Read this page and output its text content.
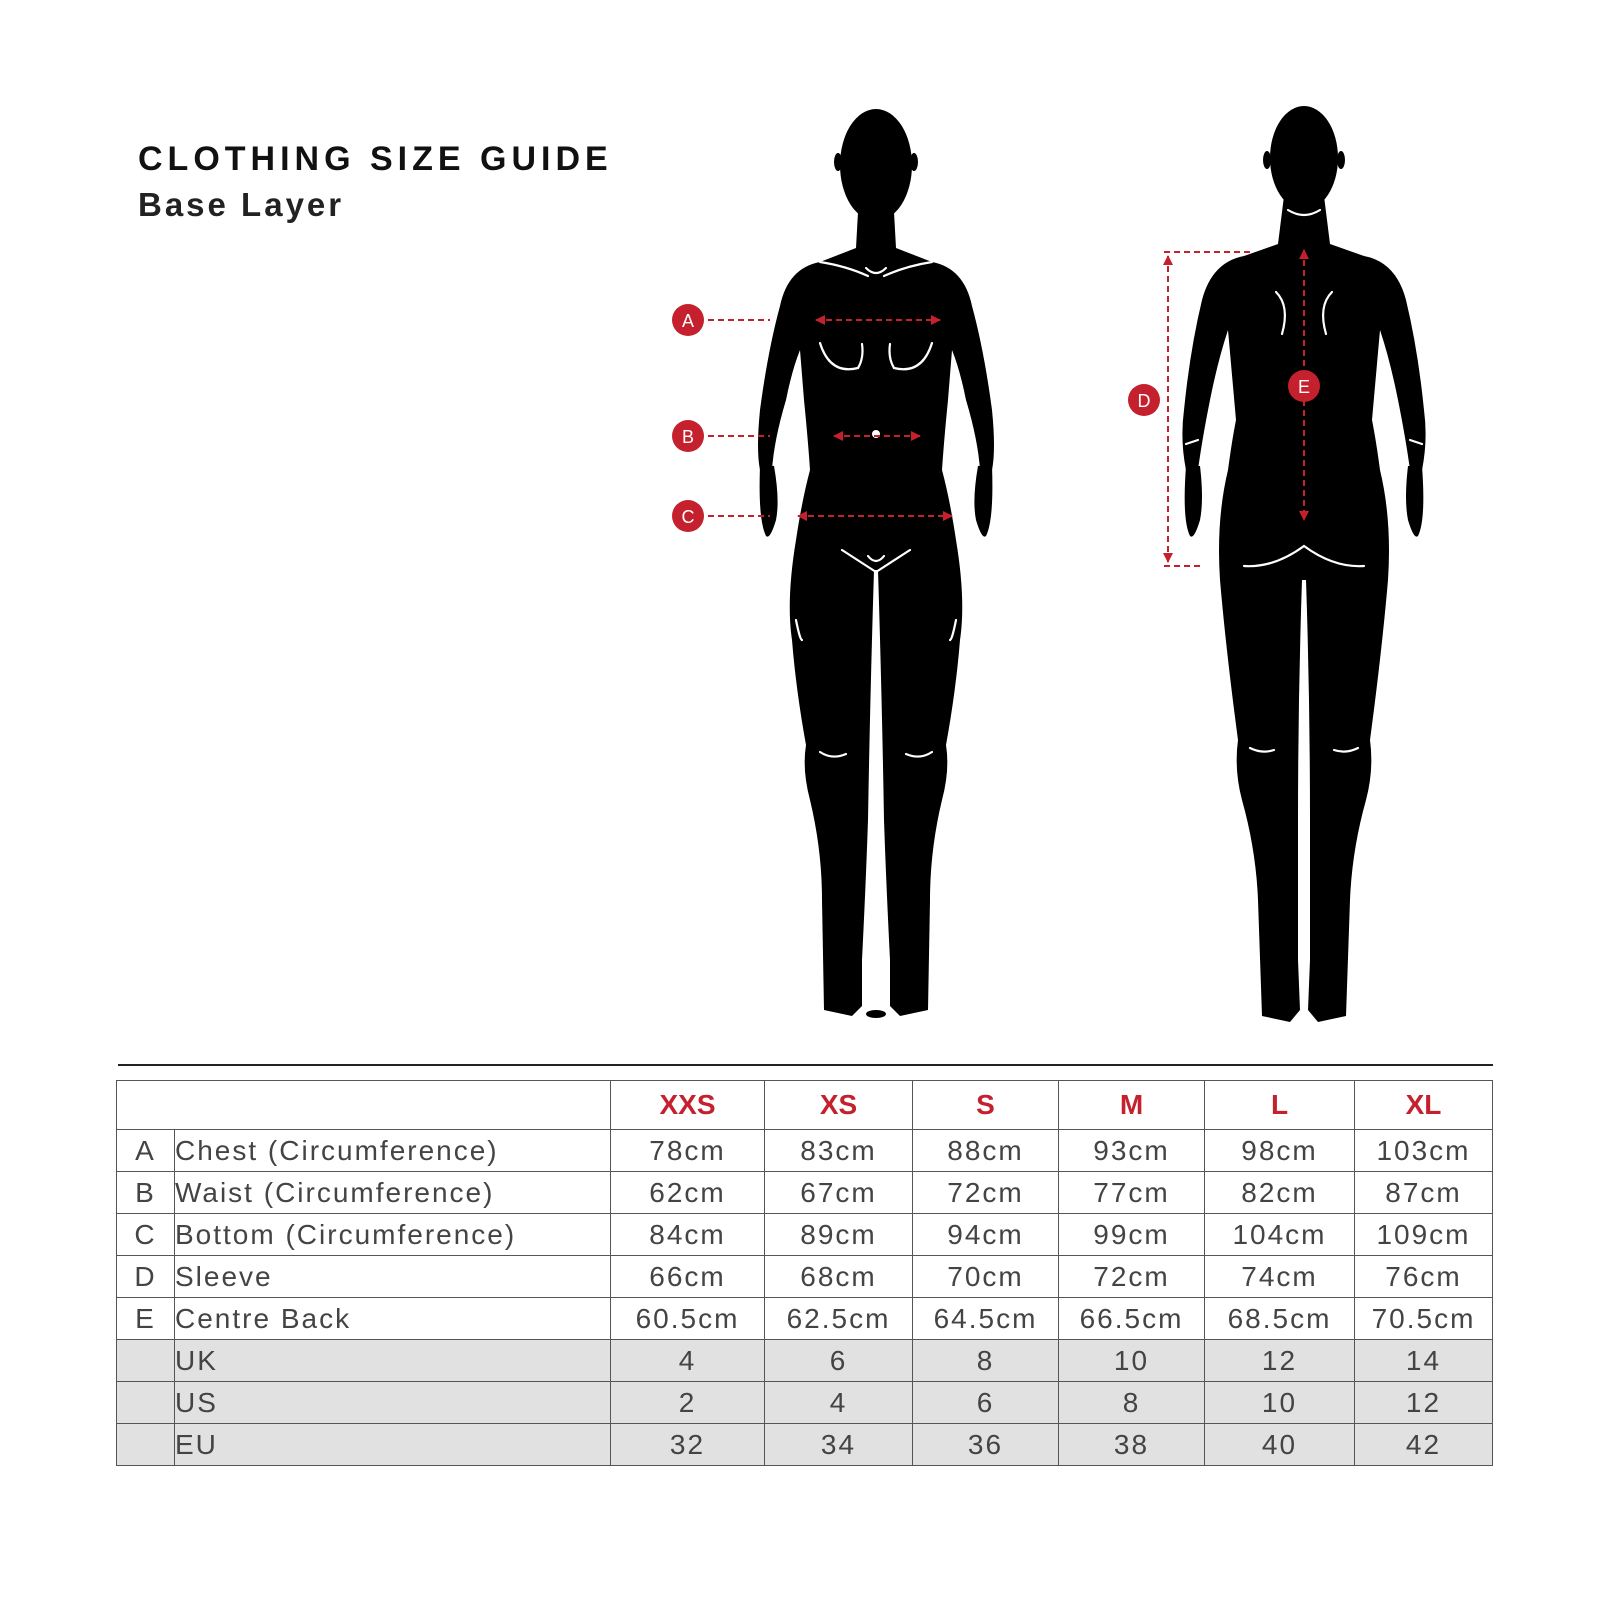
CLOTHING SIZE GUIDE
Base Layer
A
B
C
D
E
		XXS	XS	S	M	L	XL
A	Chest (Circumference)	78cm	83cm	88cm	93cm	98cm	103cm
B	Waist (Circumference)	62cm	67cm	72cm	77cm	82cm	87cm
C	Bottom (Circumference)	84cm	89cm	94cm	99cm	104cm	109cm
D	Sleeve	66cm	68cm	70cm	72cm	74cm	76cm
E	Centre Back	60.5cm	62.5cm	64.5cm	66.5cm	68.5cm	70.5cm
	UK	4	6	8	10	12	14
	US	2	4	6	8	10	12
	EU	32	34	36	38	40	42
